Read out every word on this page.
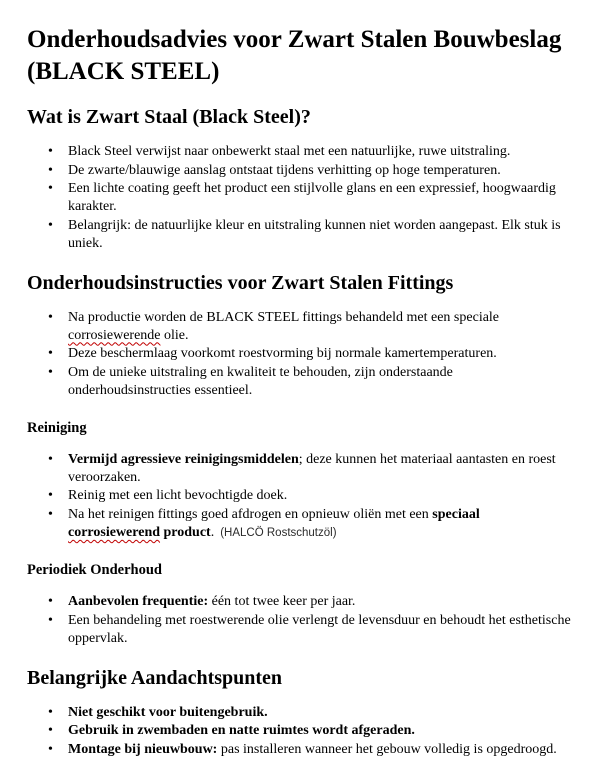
Onderhoudsadvies voor Zwart Stalen Bouwbeslag (BLACK STEEL)
Wat is Zwart Staal (Black Steel)?
• Black Steel verwijst naar onbewerkt staal met een natuurlijke, ruwe uitstraling.
• De zwarte/blauwige aanslag ontstaat tijdens verhitting op hoge temperaturen.
• Een lichte coating geeft het product een stijlvolle glans en een expressief, hoogwaardig karakter.
• Belangrijk: de natuurlijke kleur en uitstraling kunnen niet worden aangepast. Elk stuk is uniek.
Onderhoudsinstructies voor Zwart Stalen Fittings
• Na productie worden de BLACK STEEL fittings behandeld met een speciale corrosiewerende olie.
• Deze beschermlaag voorkomt roestvorming bij normale kamertemperaturen.
• Om de unieke uitstraling en kwaliteit te behouden, zijn onderstaande onderhoudsinstructies essentieel.
Reiniging
• Vermijd agressieve reinigingsmiddelen; deze kunnen het materiaal aantasten en roest veroorzaken.
• Reinig met een licht bevochtigde doek.
• Na het reinigen fittings goed afdrogen en opnieuw oliën met een speciaal corrosiewerend product. (HALCÖ Rostschutzöl)
Periodiek Onderhoud
• Aanbevolen frequentie: één tot twee keer per jaar.
• Een behandeling met roestwerende olie verlengt de levensduur en behoudt het esthetische oppervlak.
Belangrijke Aandachtspunten
• Niet geschikt voor buitengebruik.
• Gebruik in zwembaden en natte ruimtes wordt afgeraden.
• Montage bij nieuwbouw: pas installeren wanneer het gebouw volledig is opgedroogd.
